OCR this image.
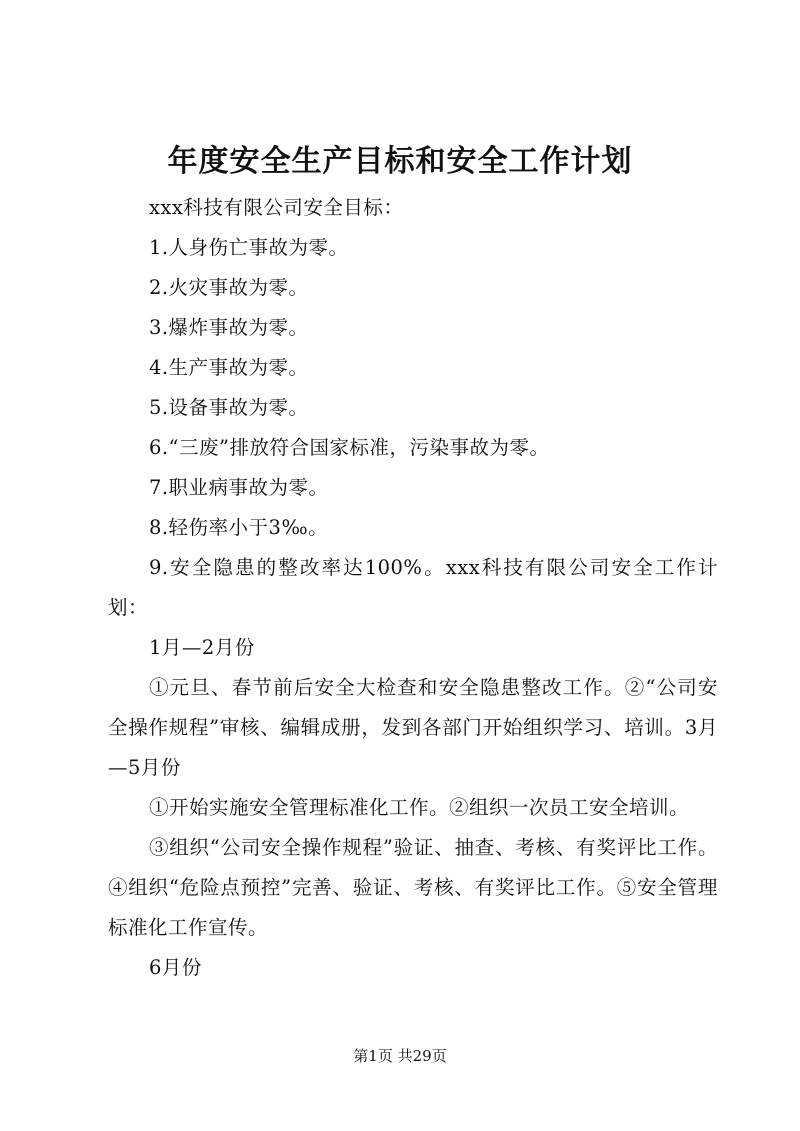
年度安全生产目标和安全工作计划

xxx科技有限公司安全目标：

1.人身伤亡事故为零。

2.火灾事故为零。

3.爆炸事故为零。

4.生产事故为零。

5.设备事故为零。

6.“三废”排放符合国家标准，污染事故为零。

7.职业病事故为零。

8.轻伤率小于3‰。

9.安全隐患的整改率达100%。xxx科技有限公司安全工作计划：

1月—2月份

①元旦、春节前后安全大检查和安全隐患整改工作。②“公司安全操作规程”审核、编辑成册，发到各部门开始组织学习、培训。3月—5月份

①开始实施安全管理标准化工作。②组织一次员工安全培训。

③组织“公司安全操作规程”验证、抽查、考核、有奖评比工作。④组织“危险点预控”完善、验证、考核、有奖评比工作。⑤安全管理标准化工作宣传。

6月份

第1页 共29页
